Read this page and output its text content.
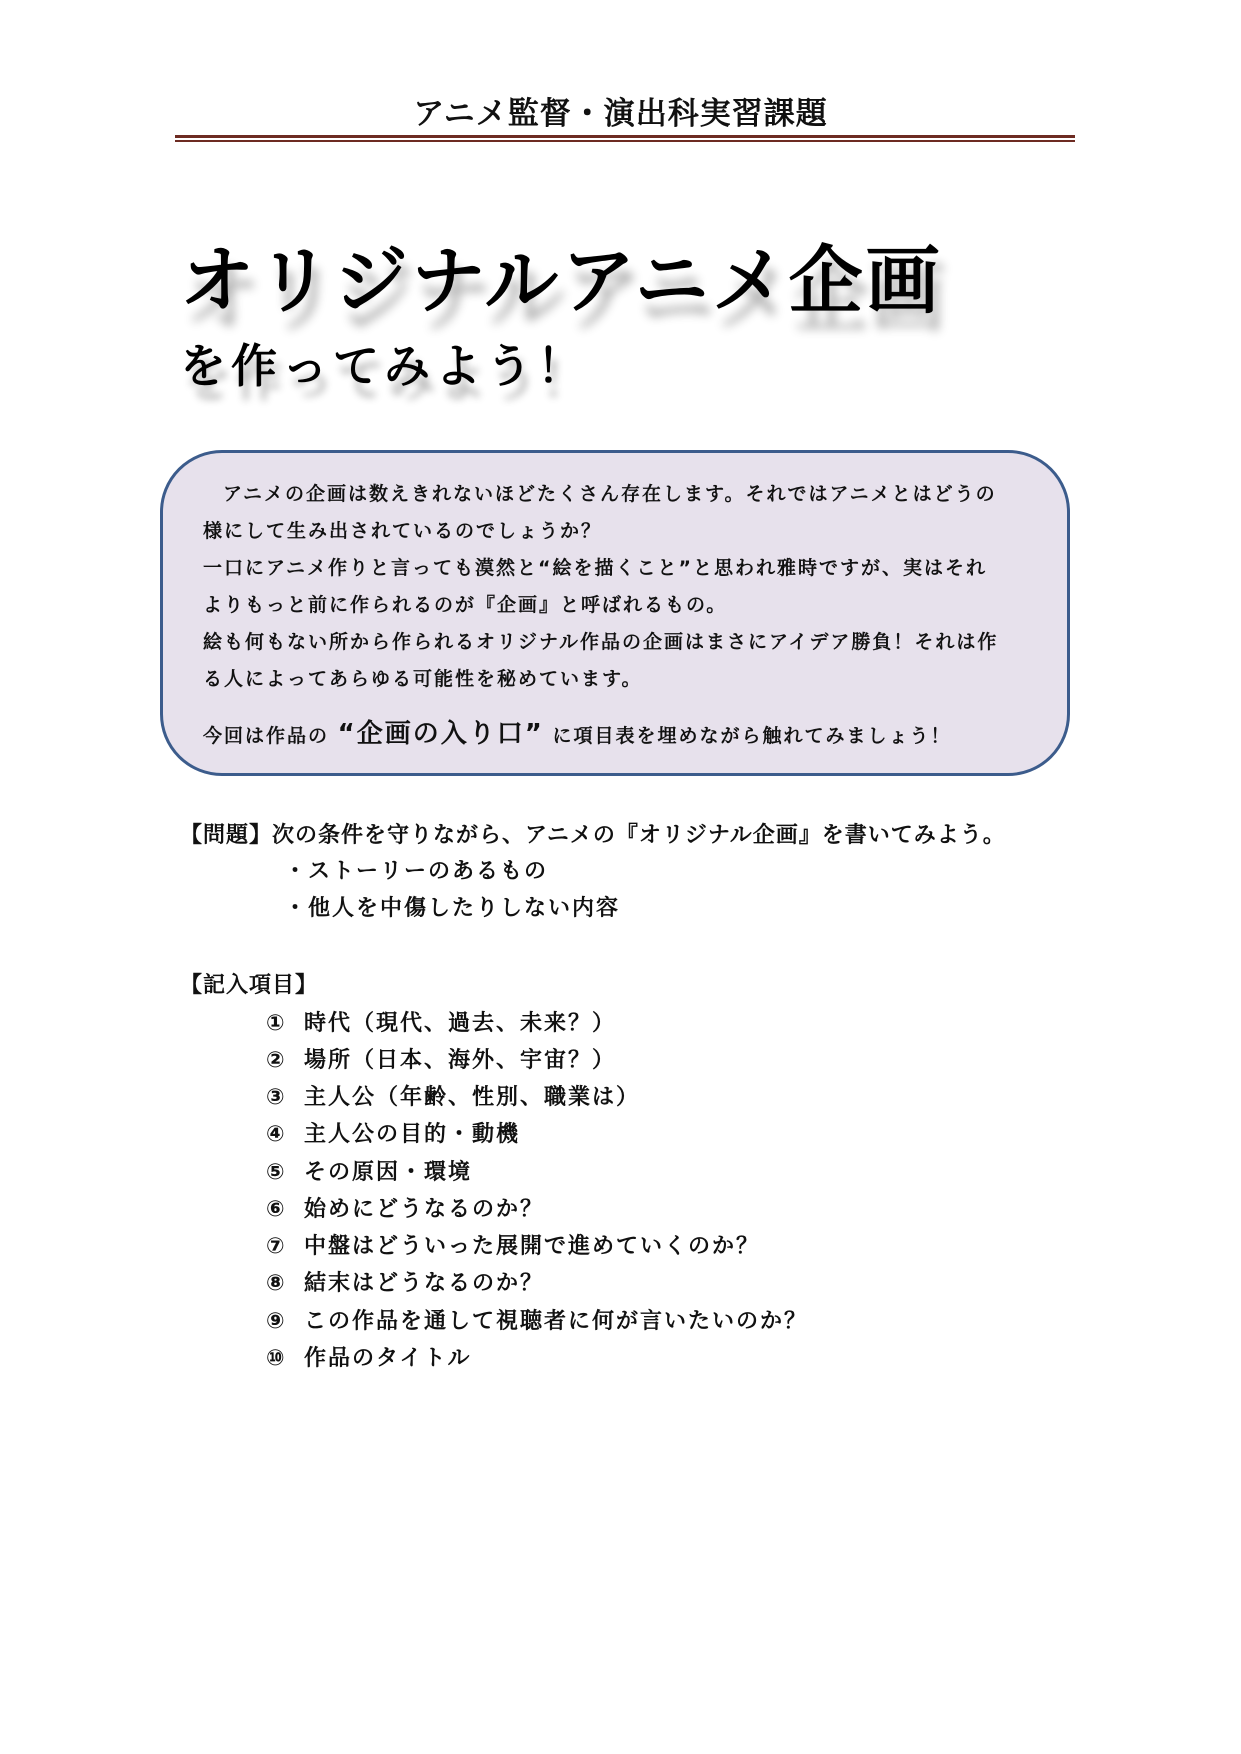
アニメ監督・演出科実習課題
オリジナルアニメ企画
を作ってみよう！
アニメの企画は数えきれないほどたくさん存在します。それではアニメとはどうの
様にして生み出されているのでしょうか？
一口にアニメ作りと言っても漠然と“絵を描くこと”と思われ雅時ですが、実はそれ
よりもっと前に作られるのが『企画』と呼ばれるもの。
絵も何もない所から作られるオリジナル作品の企画はまさにアイデア勝負！それは作
る人によってあらゆる可能性を秘めています。
今回は作品の “企画の入り口” に項目表を埋めながら触れてみましょう！
【問題】次の条件を守りながら、アニメの『オリジナル企画』を書いてみよう。
・ストーリーのあるもの
・他人を中傷したりしない内容
【記入項目】
① 時代（現代、過去、未来？）
② 場所（日本、海外、宇宙？）
③ 主人公（年齢、性別、職業は）
④ 主人公の目的・動機
⑤ その原因・環境
⑥ 始めにどうなるのか？
⑦ 中盤はどういった展開で進めていくのか？
⑧ 結末はどうなるのか？
⑨ この作品を通して視聴者に何が言いたいのか？
⑩ 作品のタイトル
